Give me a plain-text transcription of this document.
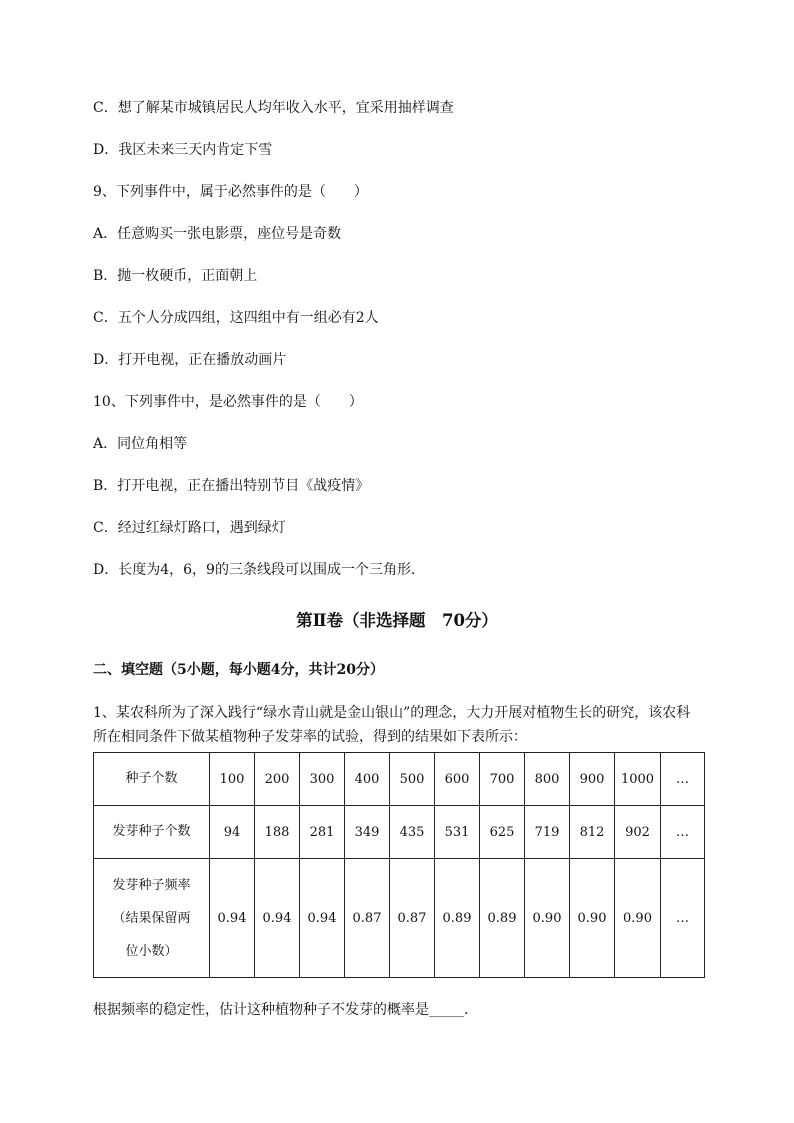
C．想了解某市城镇居民人均年收入水平，宜采用抽样调查
D．我区未来三天内肯定下雪
9、下列事件中，属于必然事件的是（　　）
A．任意购买一张电影票，座位号是奇数
B．抛一枚硬币，正面朝上
C．五个人分成四组，这四组中有一组必有2人
D．打开电视，正在播放动画片
10、下列事件中，是必然事件的是（　　）
A．同位角相等
B．打开电视，正在播出特别节目《战疫情》
C．经过红绿灯路口，遇到绿灯
D．长度为4，6，9的三条线段可以围成一个三角形．
第Ⅱ卷（非选择题　70分）
二、填空题（5小题，每小题4分，共计20分）
1、某农科所为了深入践行“绿水青山就是金山银山”的理念，大力开展对植物生长的研究，该农科
所在相同条件下做某植物种子发芽率的试验，得到的结果如下表所示：
种子个数	100	200	300	400	500	600	700	800	900	1000	…
发芽种子个数	94	188	281	349	435	531	625	719	812	902	…

发芽种子频率
（结果保留两
位小数）	0.94	0.94	0.94	0.87	0.87	0.89	0.89	0.90	0.90	0.90	…
根据频率的稳定性，估计这种植物种子不发芽的概率是_____.
